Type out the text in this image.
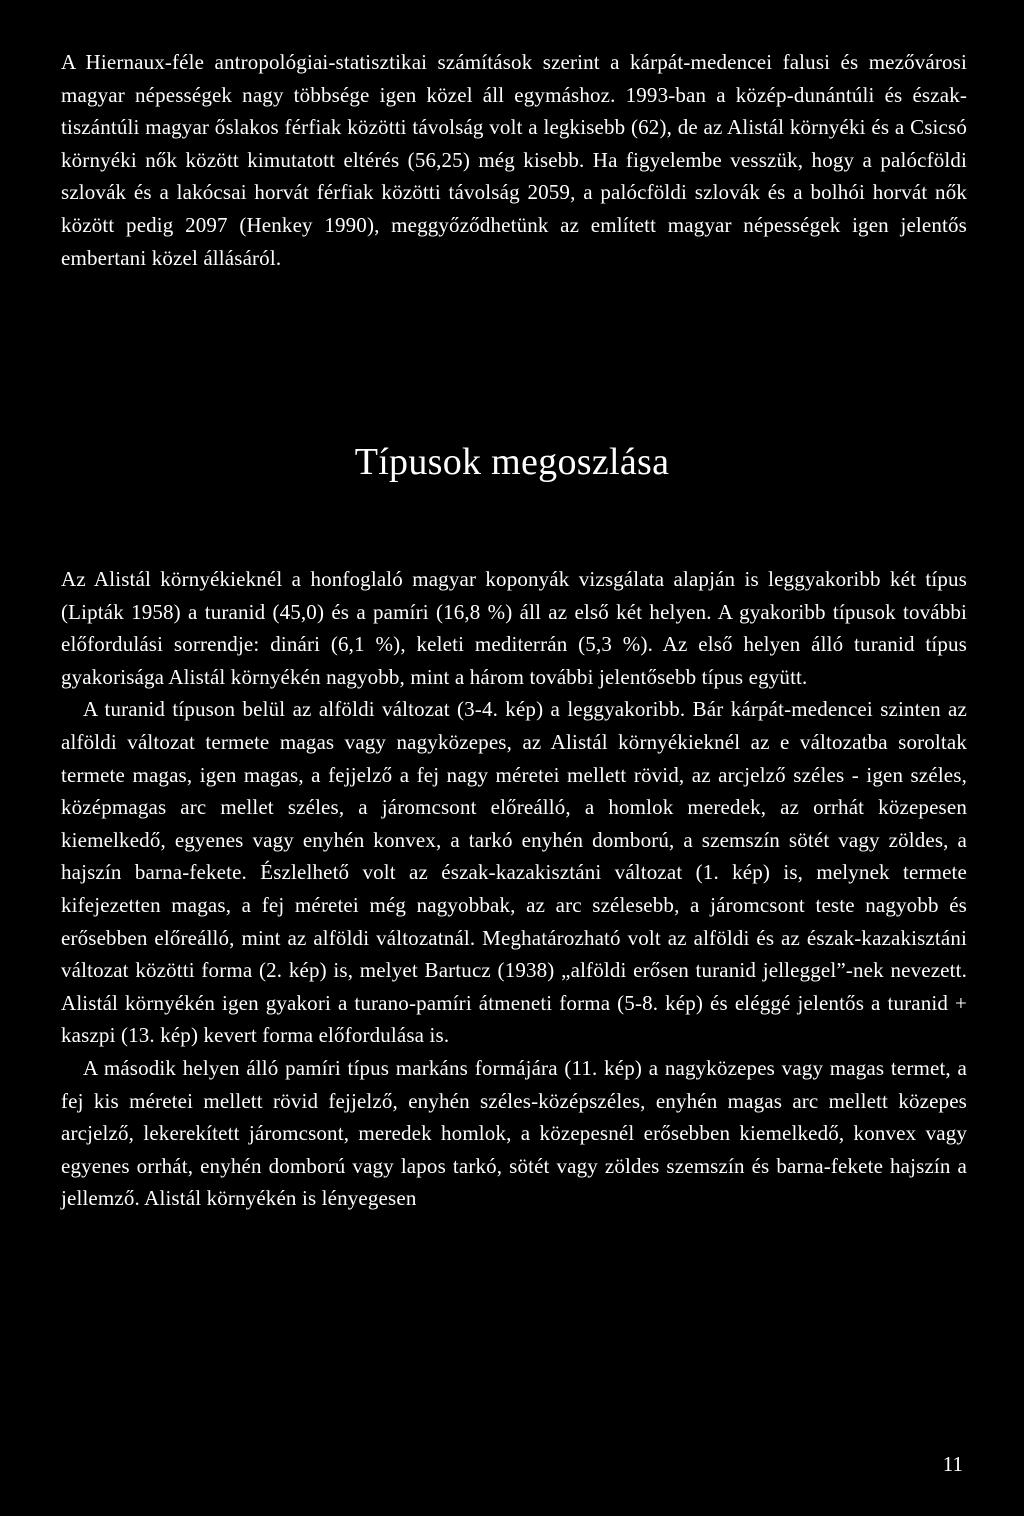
A Hiernaux-féle antropológiai-statisztikai számítások szerint a kárpát-medencei falusi és mezővárosi magyar népességek nagy többsége igen közel áll egymáshoz. 1993-ban a közép-dunántúli és észak-tiszántúli magyar őslakos férfiak közötti távolság volt a legkisebb (62), de az Alistál környéki és a Csicsó környéki nők között kimutatott eltérés (56,25) még kisebb. Ha figyelembe vesszük, hogy a palócföldi szlovák és a lakócsai horvát férfiak közötti távolság 2059, a palócföldi szlovák és a bolhói horvát nők között pedig 2097 (Henkey 1990), meggyőződhetünk az említett magyar népességek igen jelentős embertani közel állásáról.

Típusok megoszlása

Az Alistál környékieknél a honfoglaló magyar koponyák vizsgálata alapján is leggyakoribb két típus (Lipták 1958) a turanid (45,0) és a pamíri (16,8 %) áll az első két helyen. A gyakoribb típusok további előfordulási sorrendje: dinári (6,1 %), keleti mediterrán (5,3 %). Az első helyen álló turanid típus gyakorisága Alistál környékén nagyobb, mint a három további jelentősebb típus együtt.

A turanid típuson belül az alföldi változat (3-4. kép) a leggyakoribb. Bár kárpát-medencei szinten az alföldi változat termete magas vagy nagyközepes, az Alistál környékieknél az e változatba soroltak termete magas, igen magas, a fejjelző a fej nagy méretei mellett rövid, az arcjelző széles - igen széles, középmagas arc mellet széles, a járomcsont előreálló, a homlok meredek, az orrhát közepesen kiemelkedő, egyenes vagy enyhén konvex, a tarkó enyhén domború, a szemszín sötét vagy zöldes, a hajszín barna-fekete. Észlelhető volt az észak-kazakisztáni változat (1. kép) is, melynek termete kifejezetten magas, a fej méretei még nagyobbak, az arc szélesebb, a járomcsont teste nagyobb és erősebben előreálló, mint az alföldi változatnál. Meghatározható volt az alföldi és az észak-kazakisztáni változat közötti forma (2. kép) is, melyet Bartucz (1938) „alföldi erősen turanid jelleggel”-nek nevezett. Alistál környékén igen gyakori a turano-pamíri átmeneti forma (5-8. kép) és eléggé jelentős a turanid + kaszpi (13. kép) kevert forma előfordulása is.

A második helyen álló pamíri típus markáns formájára (11. kép) a nagyközepes vagy magas termet, a fej kis méretei mellett rövid fejjelző, enyhén széles-középszéles, enyhén magas arc mellett közepes arcjelző, lekerekített járomcsont, meredek homlok, a közepesnél erősebben kiemelkedő, konvex vagy egyenes orrhát, enyhén domború vagy lapos tarkó, sötét vagy zöldes szemszín és barna-fekete hajszín a jellemző. Alistál környékén is lényegesen

11
